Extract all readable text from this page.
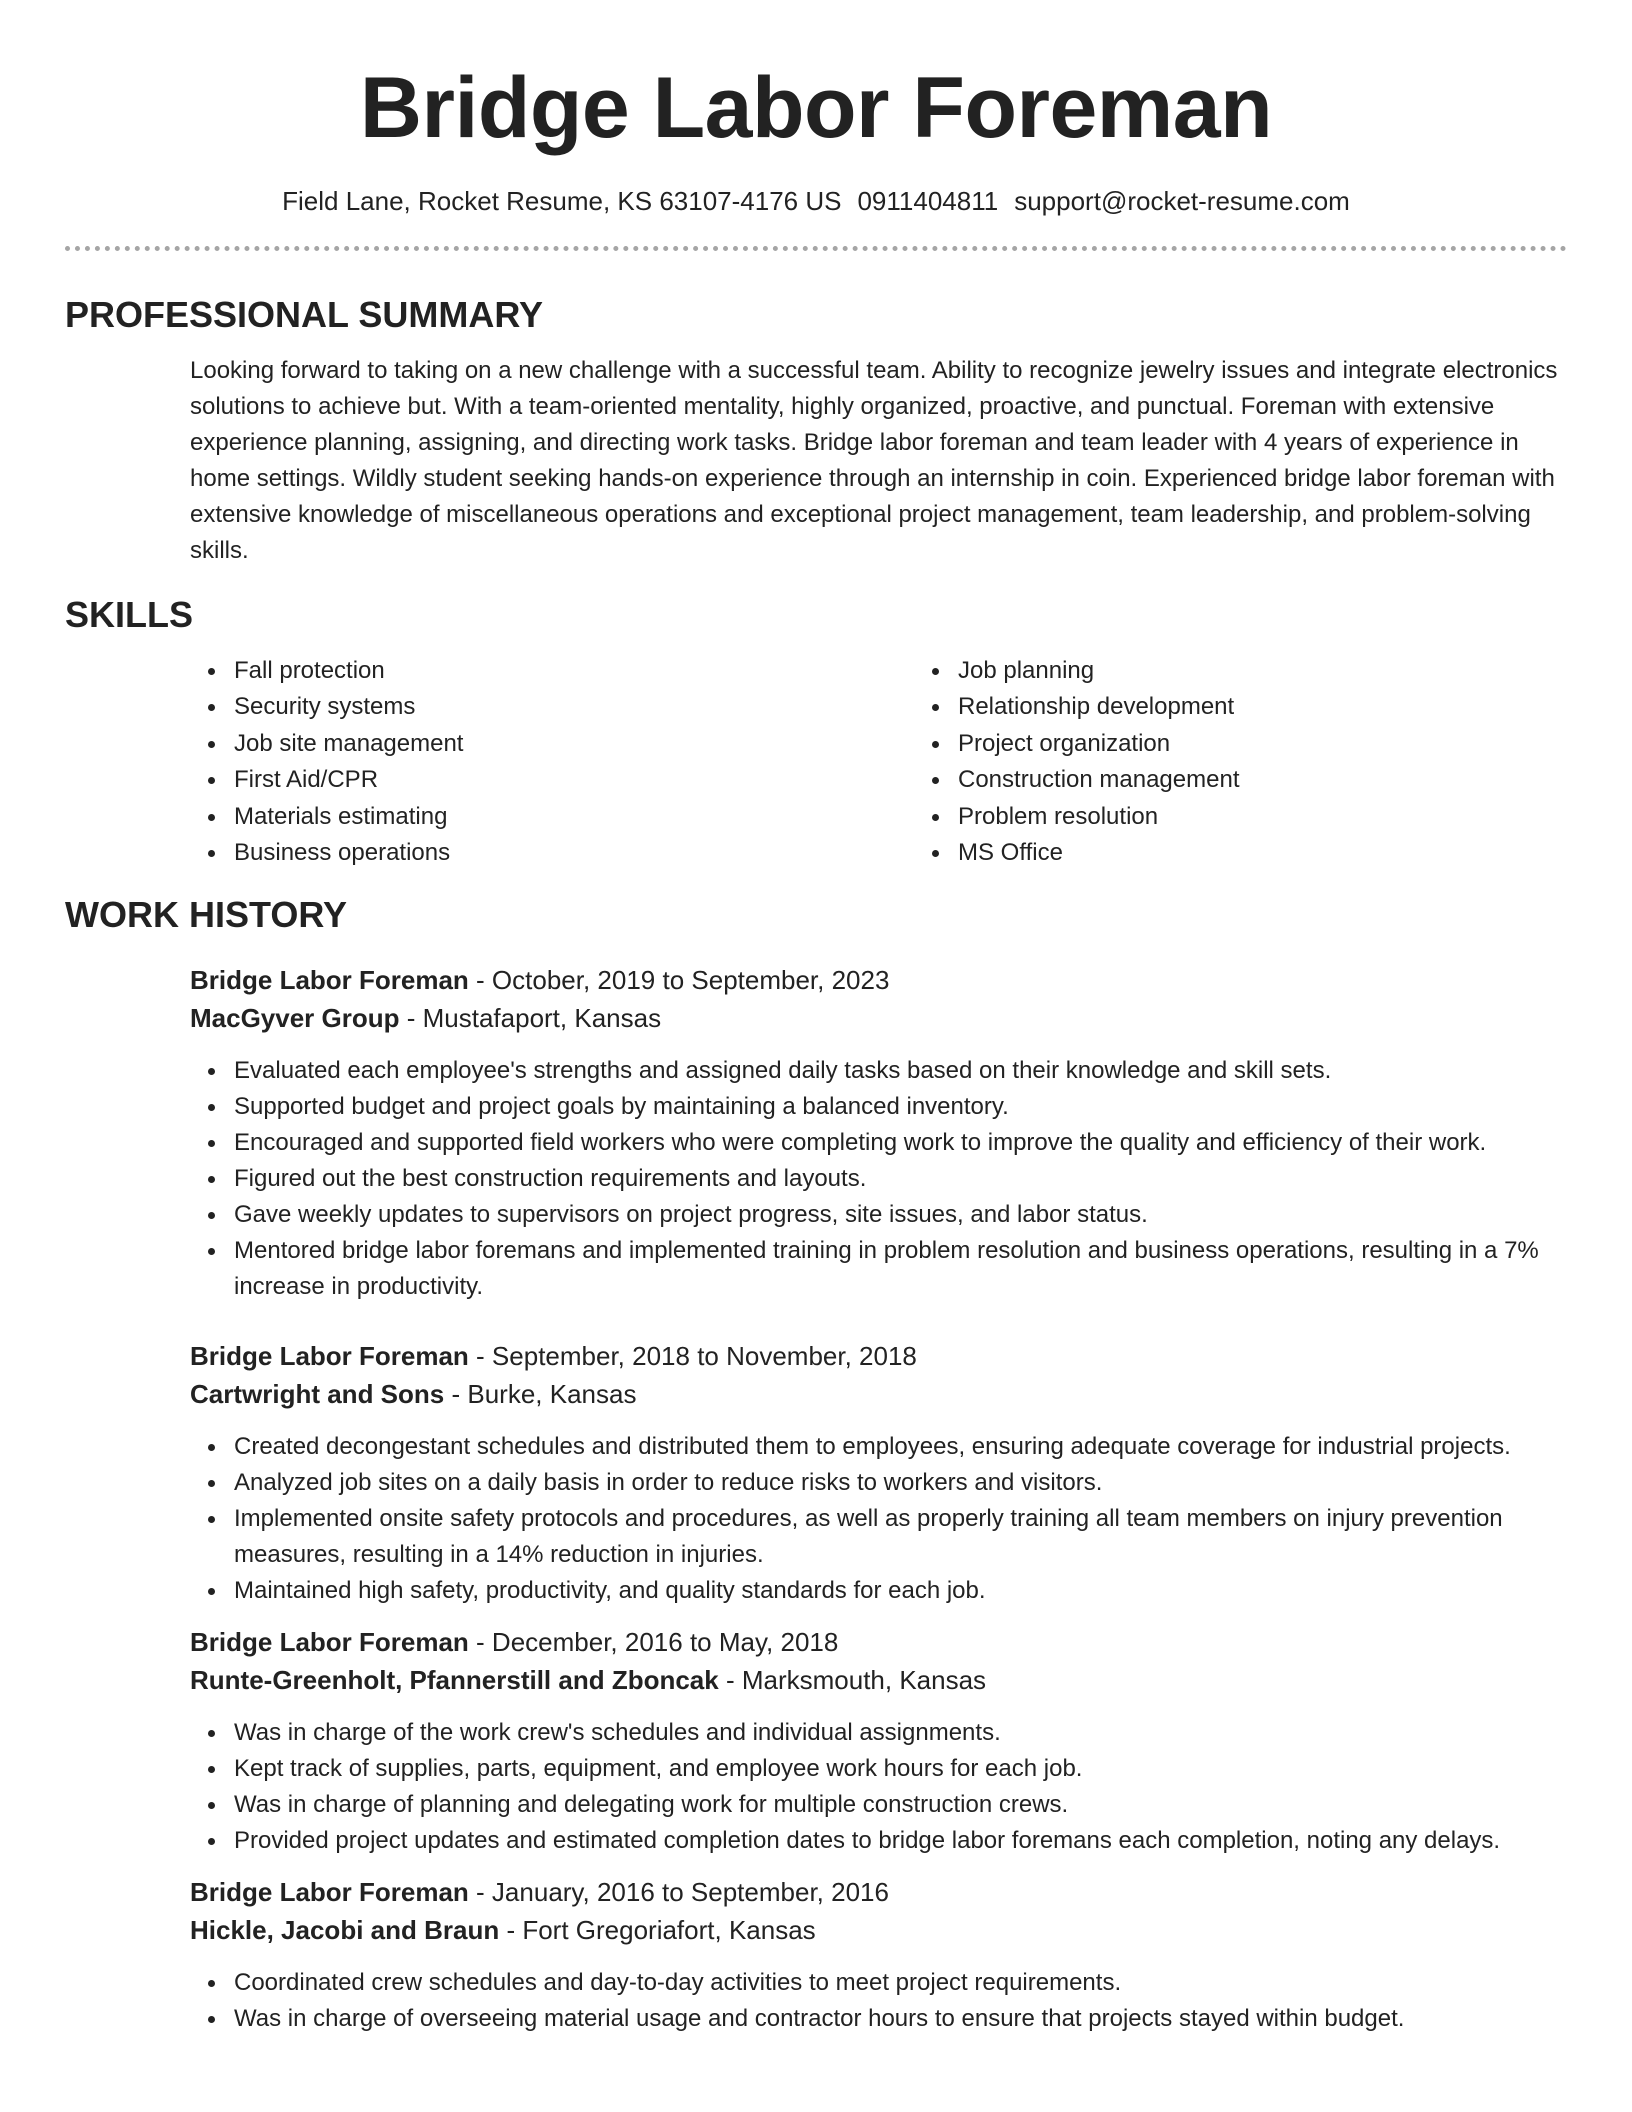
Bridge Labor Foreman
Field Lane, Rocket Resume, KS 63107-4176 US 0911404811 support@rocket-resume.com
PROFESSIONAL SUMMARY

Looking forward to taking on a new challenge with a successful team. Ability to recognize jewelry issues and integrate electronics solutions to achieve but. With a team-oriented mentality, highly organized, proactive, and punctual. Foreman with extensive experience planning, assigning, and directing work tasks. Bridge labor foreman and team leader with 4 years of experience in home settings. Wildly student seeking hands-on experience through an internship in coin. Experienced bridge labor foreman with extensive knowledge of miscellaneous operations and exceptional project management, team leadership, and problem-solving skills.

SKILLS
Fall protection
Security systems
Job site management
First Aid/CPR
Materials estimating
Business operations
Job planning
Relationship development
Project organization
Construction management
Problem resolution
MS Office
WORK HISTORY
Bridge Labor Foreman - October, 2019 to September, 2023
MacGyver Group - Mustafaport, Kansas
Evaluated each employee's strengths and assigned daily tasks based on their knowledge and skill sets.
Supported budget and project goals by maintaining a balanced inventory.
Encouraged and supported field workers who were completing work to improve the quality and efficiency of their work.
Figured out the best construction requirements and layouts.
Gave weekly updates to supervisors on project progress, site issues, and labor status.
Mentored bridge labor foremans and implemented training in problem resolution and business operations, resulting in a 7% increase in productivity.
Bridge Labor Foreman - September, 2018 to November, 2018
Cartwright and Sons - Burke, Kansas
Created decongestant schedules and distributed them to employees, ensuring adequate coverage for industrial projects.
Analyzed job sites on a daily basis in order to reduce risks to workers and visitors.
Implemented onsite safety protocols and procedures, as well as properly training all team members on injury prevention measures, resulting in a 14% reduction in injuries.
Maintained high safety, productivity, and quality standards for each job.
Bridge Labor Foreman - December, 2016 to May, 2018
Runte-Greenholt, Pfannerstill and Zboncak - Marksmouth, Kansas
Was in charge of the work crew's schedules and individual assignments.
Kept track of supplies, parts, equipment, and employee work hours for each job.
Was in charge of planning and delegating work for multiple construction crews.
Provided project updates and estimated completion dates to bridge labor foremans each completion, noting any delays.
Bridge Labor Foreman - January, 2016 to September, 2016
Hickle, Jacobi and Braun - Fort Gregoriafort, Kansas
Coordinated crew schedules and day-to-day activities to meet project requirements.
Was in charge of overseeing material usage and contractor hours to ensure that projects stayed within budget.
